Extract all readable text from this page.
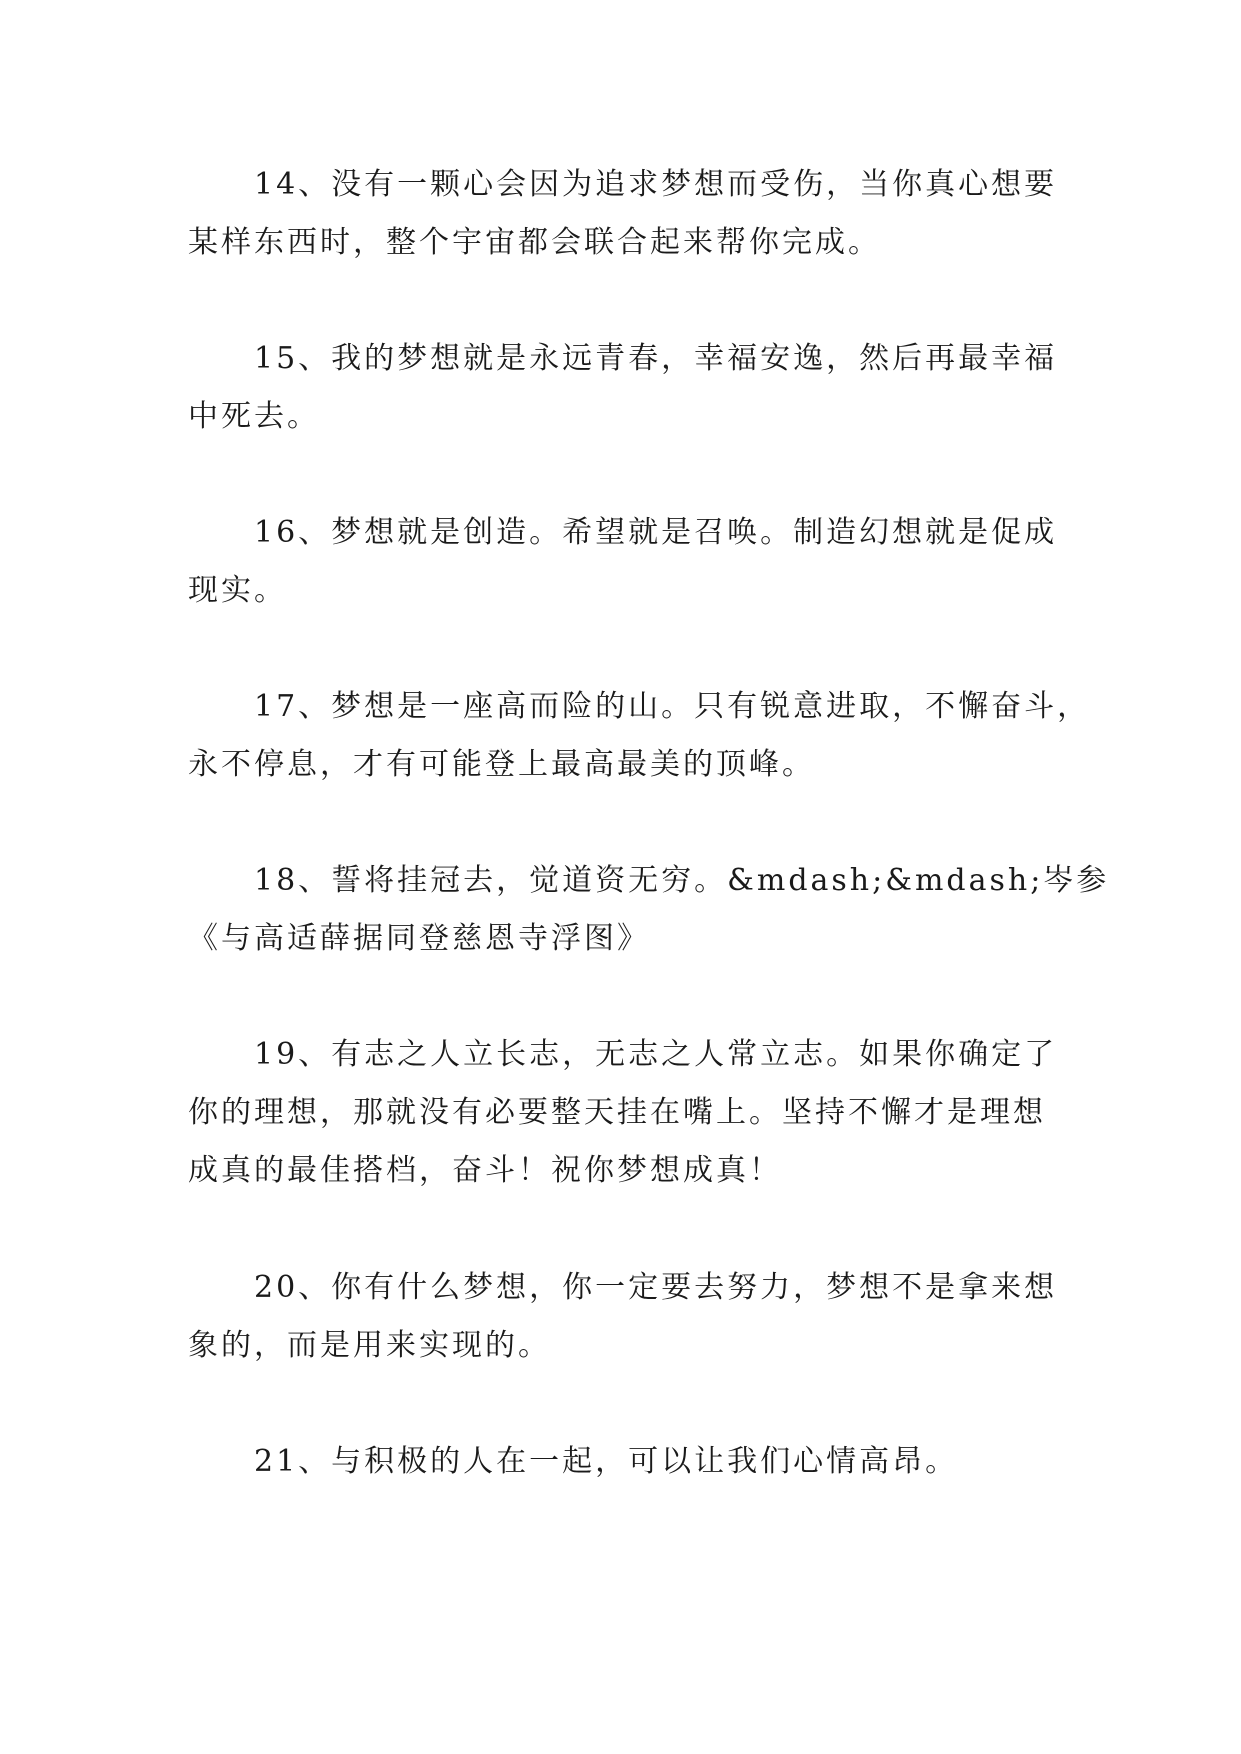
14、没有一颗心会因为追求梦想而受伤，当你真心想要
某样东西时，整个宇宙都会联合起来帮你完成。
15、我的梦想就是永远青春，幸福安逸，然后再最幸福
中死去。
16、梦想就是创造。希望就是召唤。制造幻想就是促成
现实。
17、梦想是一座高而险的山。只有锐意进取，不懈奋斗，
永不停息，才有可能登上最高最美的顶峰。
18、誓将挂冠去，觉道资无穷。&mdash;&mdash;岑参
《与高适薛据同登慈恩寺浮图》
19、有志之人立长志，无志之人常立志。如果你确定了
你的理想，那就没有必要整天挂在嘴上。坚持不懈才是理想
成真的最佳搭档，奋斗！祝你梦想成真！
20、你有什么梦想，你一定要去努力，梦想不是拿来想
象的，而是用来实现的。
21、与积极的人在一起，可以让我们心情高昂。
